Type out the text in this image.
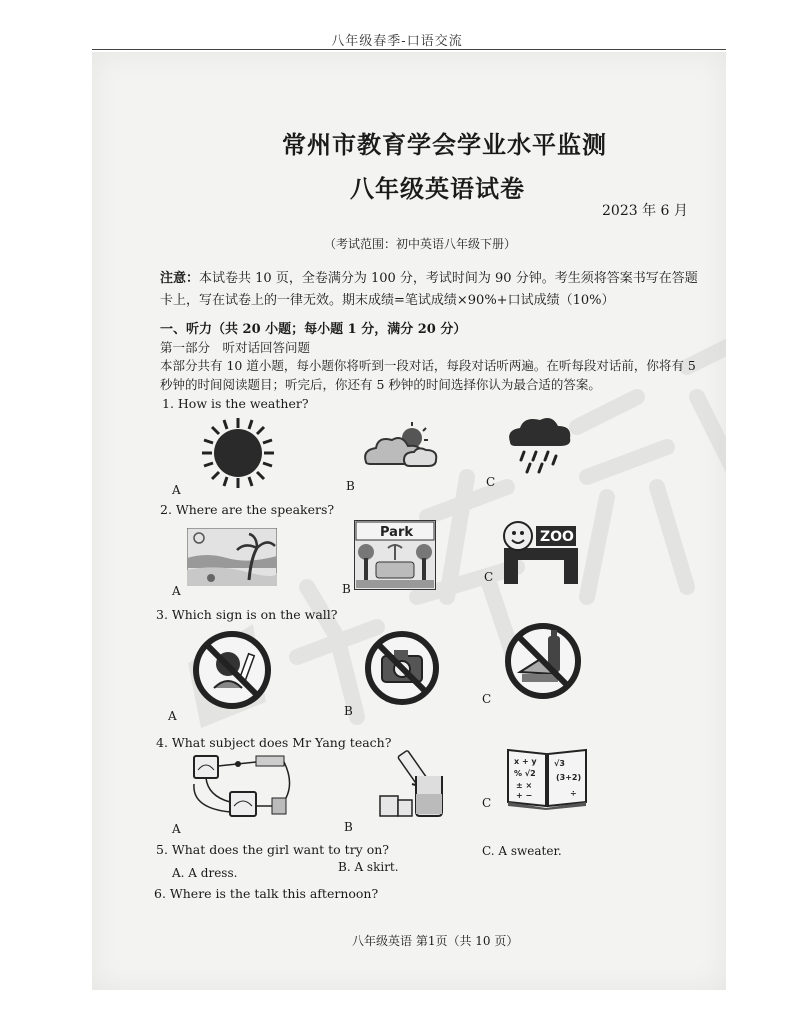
八年级春季-口语交流
常州市教育学会学业水平监测
八年级英语试卷
2023 年 6 月
（考试范围：初中英语八年级下册）
注意：本试卷共 10 页，全卷满分为 100 分，考试时间为 90 分钟。考生须将答案书写在答题卡上，写在试卷上的一律无效。期末成绩=笔试成绩×90%+口试成绩（10%）
一、听力（共 20 小题；每小题 1 分，满分 20 分）
第一部分　听对话回答问题
本部分共有 10 道小题，每小题你将听到一段对话，每段对话听两遍。在听每段对话前，你将有 5 秒钟的时间阅读题目；听完后，你还有 5 秒钟的时间选择你认为最合适的答案。
1. How is the weather?
A	B	C
2. Where are the speakers?
A
Park
B
ZOO
C
3. Which sign is on the wall?
A	B
C
4. What subject does Mr Yang teach?
A	B
x + y
% √2
± ×
+ −	÷
(3+2)
√3
C
5. What does the girl want to try on?
A. A dress.	B. A skirt.
C. A sweater.
6. Where is the talk this afternoon?
八年级英语 第1页（共 10 页）
